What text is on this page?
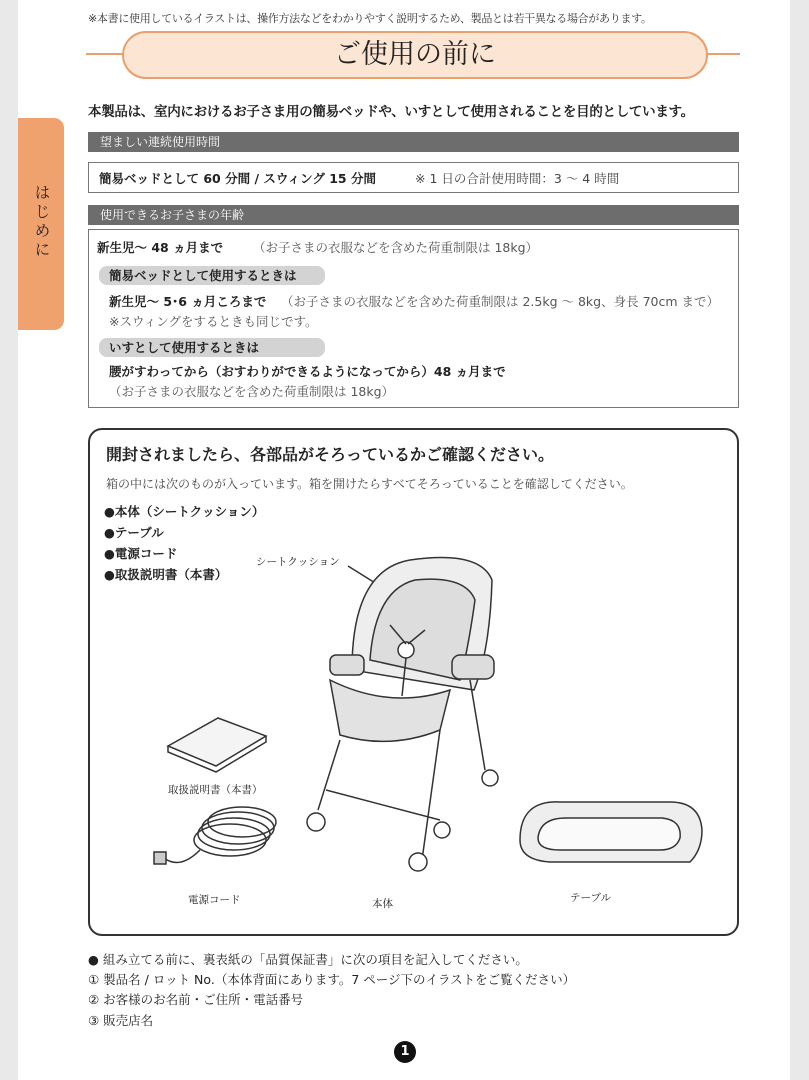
※本書に使用しているイラストは、操作方法などをわかりやすく説明するため、製品とは若干異なる場合があります。
ご使用の前に
はじめに
本製品は、室内におけるお子さま用の簡易ベッドや、いすとして使用されることを目的としています。
望ましい連続使用時間
簡易ベッドとして 60 分間 / スウィング 15 分間	※ 1 日の合計使用時間：3 〜 4 時間
使用できるお子さまの年齢
新生児〜 48 ヵ月まで （お子さまの衣服などを含めた荷重制限は 18kg）
簡易ベッドとして使用するときは
新生児〜 5･6 ヵ月ころまで （お子さまの衣服などを含めた荷重制限は 2.5kg 〜 8kg、身長 70cm まで）
※スウィングをするときも同じです。
いすとして使用するときは
腰がすわってから（おすわりができるようになってから）48 ヵ月まで
（お子さまの衣服などを含めた荷重制限は 18kg）
開封されましたら、各部品がそろっているかご確認ください。
箱の中には次のものが入っています。箱を開けたらすべてそろっていることを確認してください。
●本体（シートクッション）
●テーブル
●電源コード
●取扱説明書（本書）
シートクッション
取扱説明書（本書）
電源コード	本体	テーブル
● 組み立てる前に、裏表紙の「品質保証書」に次の項目を記入してください。
① 製品名 / ロット No.（本体背面にあります。7 ページ下のイラストをご覧ください）
② お客様のお名前・ご住所・電話番号
③ 販売店名
1
